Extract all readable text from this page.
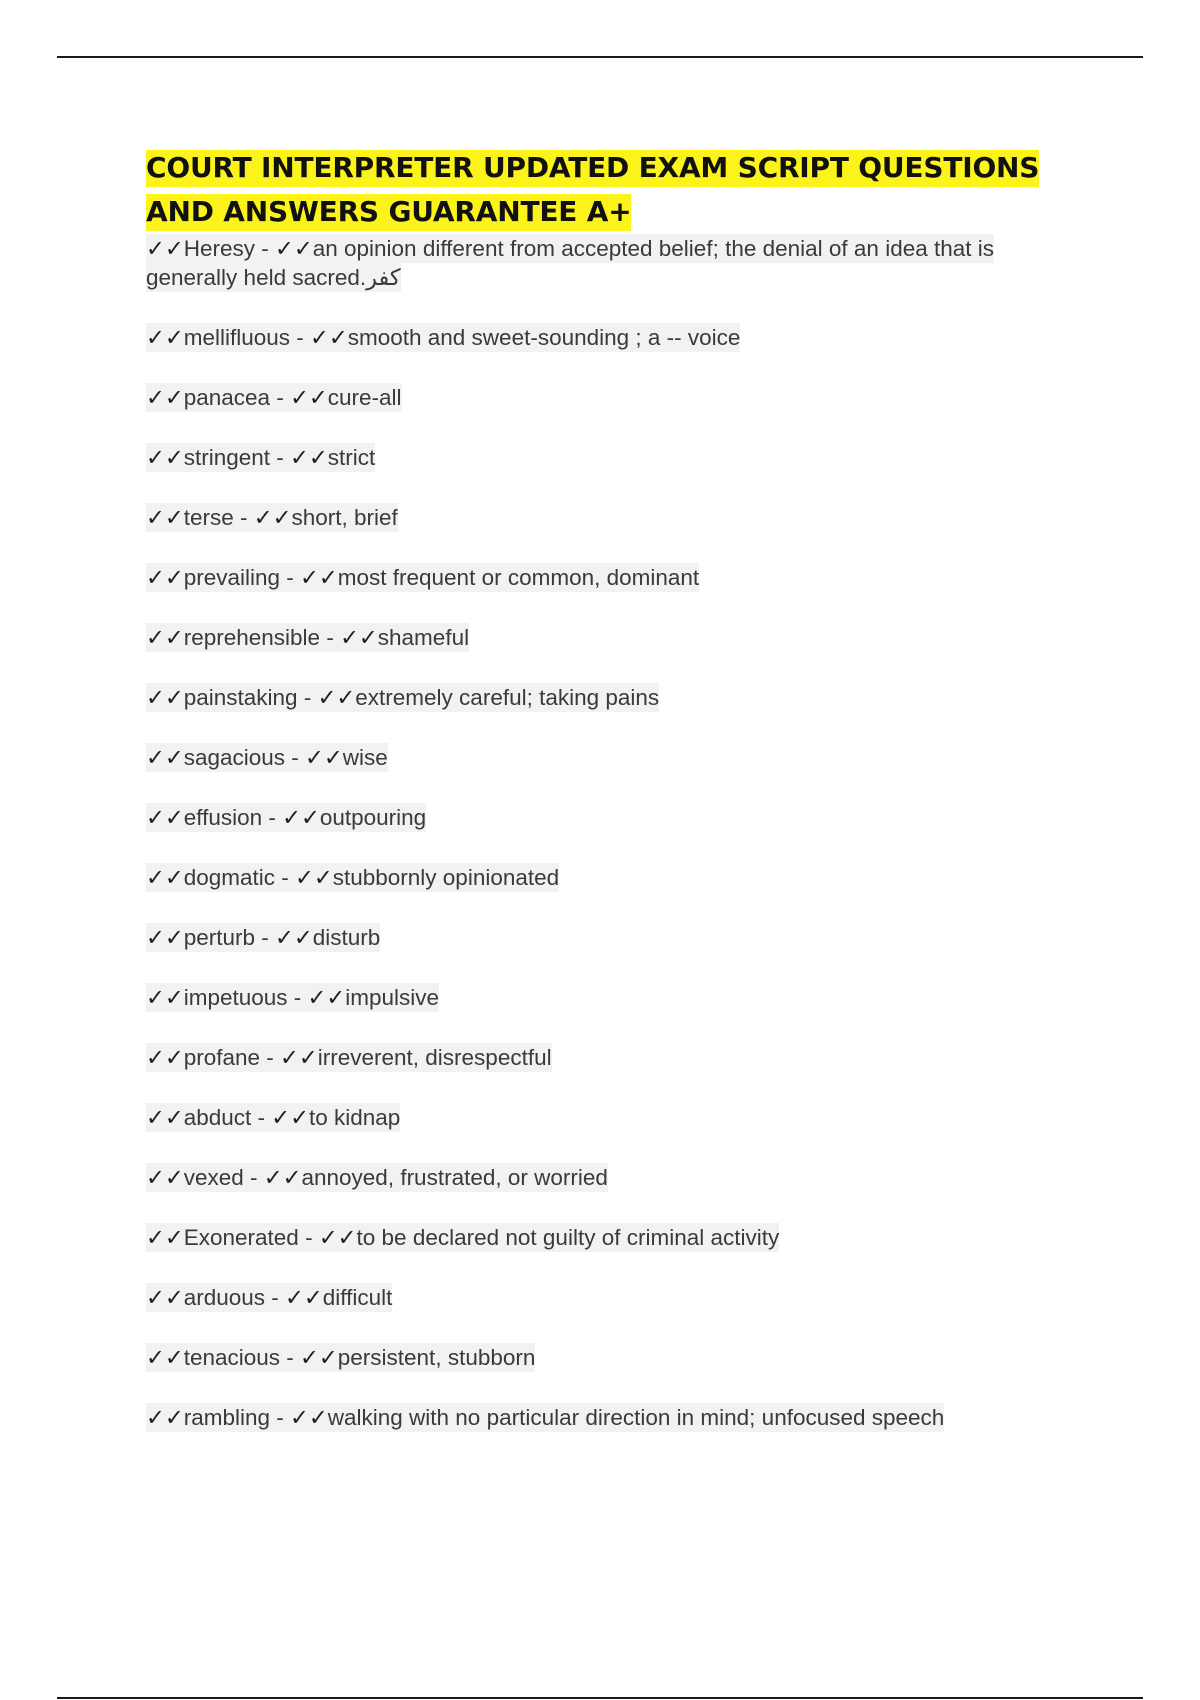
COURT INTERPRETER UPDATED EXAM SCRIPT QUESTIONS AND ANSWERS GUARANTEE A+
✓✓Heresy - ✓✓an opinion different from accepted belief; the denial of an idea that is generally held sacred.كفر
✓✓mellifluous - ✓✓smooth and sweet-sounding ; a -- voice
✓✓panacea - ✓✓cure-all
✓✓stringent - ✓✓strict
✓✓terse - ✓✓short, brief
✓✓prevailing - ✓✓most frequent or common, dominant
✓✓reprehensible - ✓✓shameful
✓✓painstaking - ✓✓extremely careful; taking pains
✓✓sagacious - ✓✓wise
✓✓effusion - ✓✓outpouring
✓✓dogmatic - ✓✓stubbornly opinionated
✓✓perturb - ✓✓disturb
✓✓impetuous - ✓✓impulsive
✓✓profane - ✓✓irreverent, disrespectful
✓✓abduct - ✓✓to kidnap
✓✓vexed - ✓✓annoyed, frustrated, or worried
✓✓Exonerated - ✓✓to be declared not guilty of criminal activity
✓✓arduous - ✓✓difficult
✓✓tenacious - ✓✓persistent, stubborn
✓✓rambling - ✓✓walking with no particular direction in mind; unfocused speech
